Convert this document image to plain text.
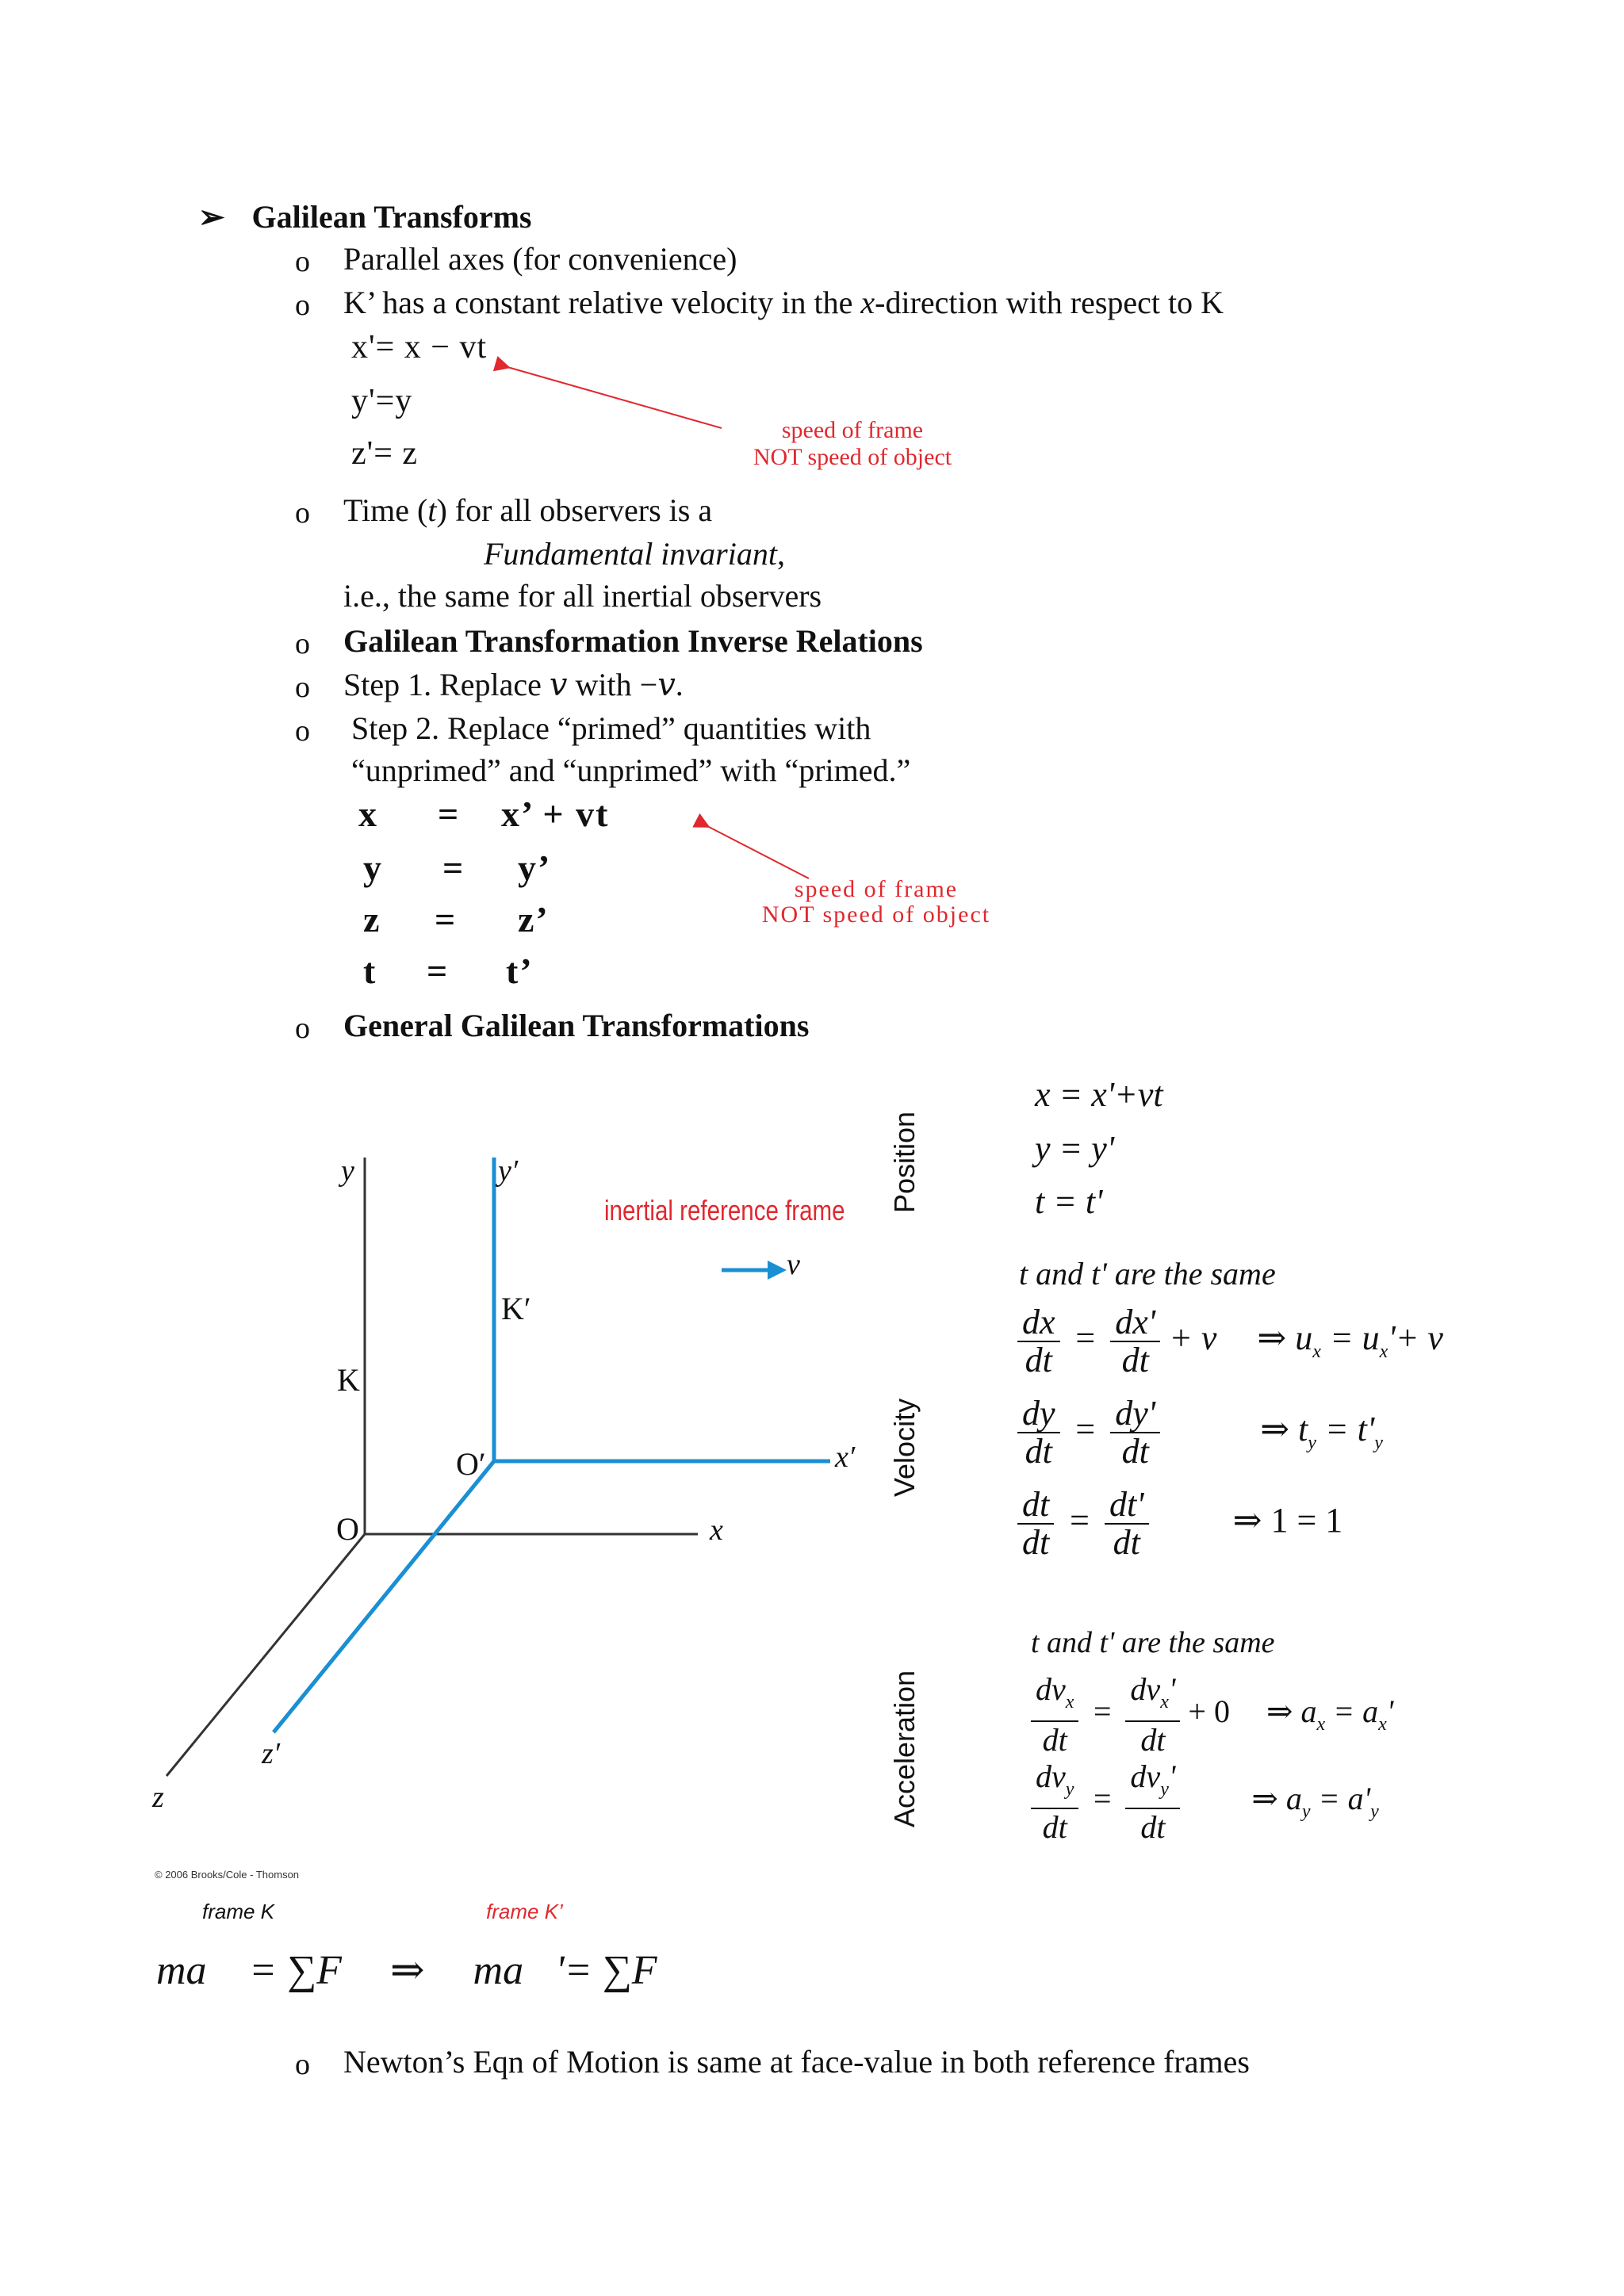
➢ Galilean Transforms
o Parallel axes (for convenience)
o K’ has a constant relative velocity in the x-direction with respect to K
x'= x − vt
y'=y
z'= z
speed of frame
NOT speed of object
o Time (t) for all observers is a
Fundamental invariant,
i.e., the same for all inertial observers
o Galilean Transformation Inverse Relations
o Step 1. Replace 𝑣 with −𝑣.
o Step 2. Replace “primed” quantities with
“unprimed” and “unprimed” with “primed.”
x = x’ + vt
y = y’
z = z’
t = t’
speed of frame
NOT speed of object
o General Galilean Transformations
y	y′
K
K′
O
O′
x
x′
z
z′
inertial reference frame
v⃗
© 2006 Brooks/Cole - Thomson
Position
Velocity
Acceleration
x = x'+vt
y = y'
t = t'
t and t' are the same
$\frac{dx}{dt} = \frac{dx'}{dt} + v$ ⇒ $u_x = u_x'+ v$
$\frac{dy}{dt} = \frac{dy'}{dt}$	⇒ $t_y = t'_y$
$\frac{dt}{dt} = \frac{dt'}{dt}$ ⇒ 1 = 1
t and t' are the same
$\frac{dv_x}{dt} = \frac{dv_x'}{dt} + 0$ ⇒ $a_x = a_x'$
$\frac{dv_y}{dt} = \frac{dv_y'}{dt}$ ⇒ $a_y = a'_y$
frame K	frame K’
ma⃗ = ∑F ⇒ ma⃗'= ∑F
o Newton’s Eqn of Motion is same at face-value in both reference frames
